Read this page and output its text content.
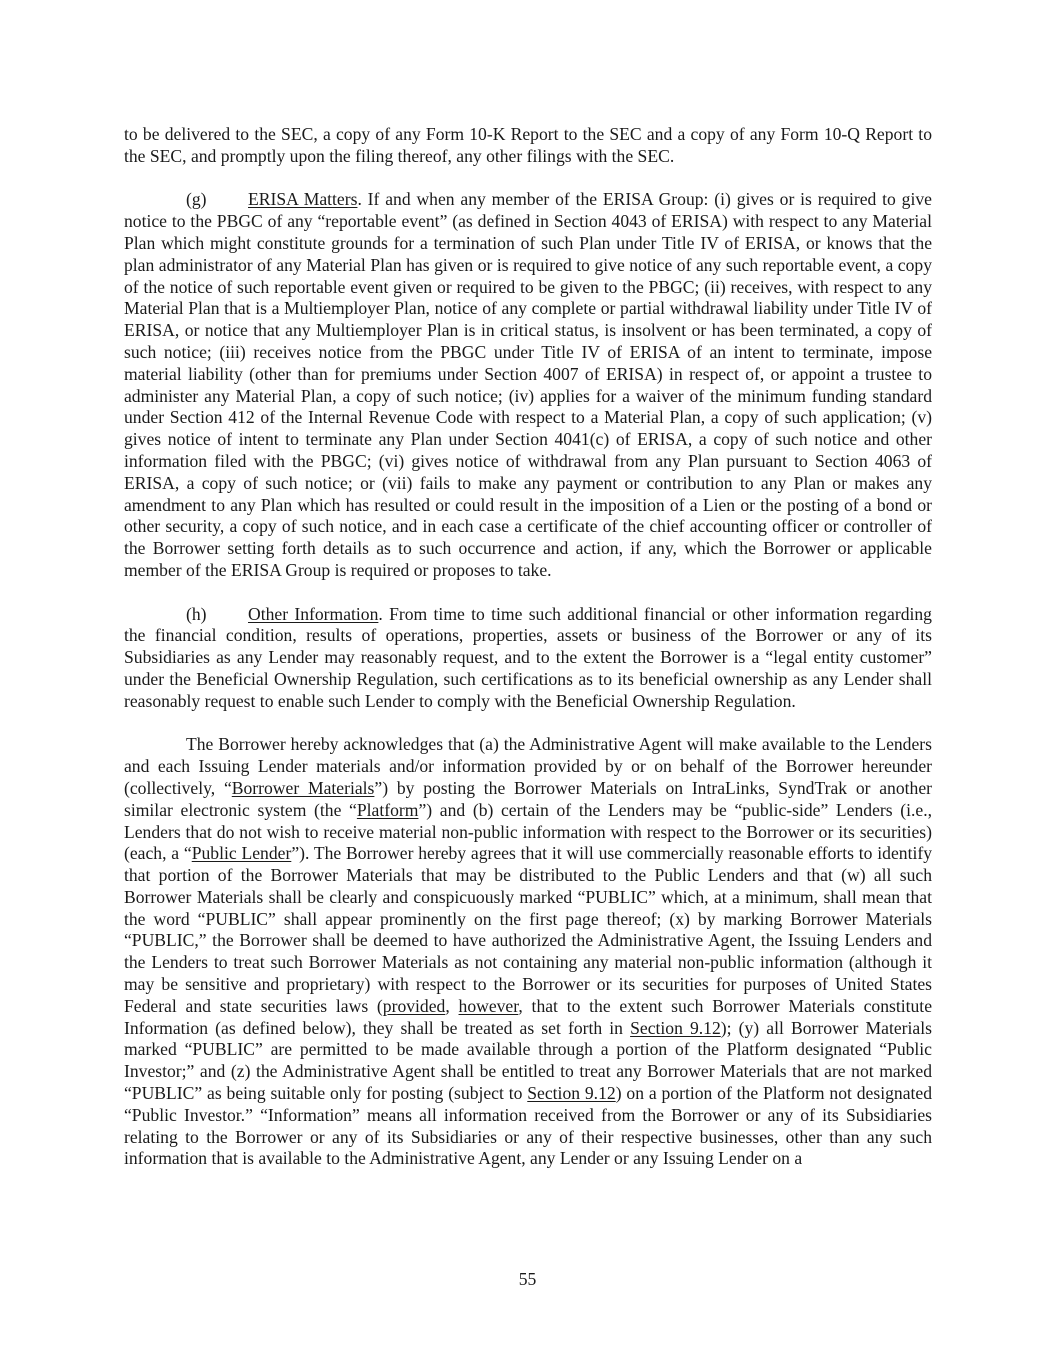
to be delivered to the SEC, a copy of any Form 10-K Report to the SEC and a copy of any Form 10-Q Report to the SEC, and promptly upon the filing thereof, any other filings with the SEC.

(g) ERISA Matters. If and when any member of the ERISA Group: (i) gives or is required to give notice to the PBGC of any “reportable event” (as defined in Section 4043 of ERISA) with respect to any Material Plan which might constitute grounds for a termination of such Plan under Title IV of ERISA, or knows that the plan administrator of any Material Plan has given or is required to give notice of any such reportable event, a copy of the notice of such reportable event given or required to be given to the PBGC; (ii) receives, with respect to any Material Plan that is a Multiemployer Plan, notice of any complete or partial withdrawal liability under Title IV of ERISA, or notice that any Multiemployer Plan is in critical status, is insolvent or has been terminated, a copy of such notice; (iii) receives notice from the PBGC under Title IV of ERISA of an intent to terminate, impose material liability (other than for premiums under Section 4007 of ERISA) in respect of, or appoint a trustee to administer any Material Plan, a copy of such notice; (iv) applies for a waiver of the minimum funding standard under Section 412 of the Internal Revenue Code with respect to a Material Plan, a copy of such application; (v) gives notice of intent to terminate any Plan under Section 4041(c) of ERISA, a copy of such notice and other information filed with the PBGC; (vi) gives notice of withdrawal from any Plan pursuant to Section 4063 of ERISA, a copy of such notice; or (vii) fails to make any payment or contribution to any Plan or makes any amendment to any Plan which has resulted or could result in the imposition of a Lien or the posting of a bond or other security, a copy of such notice, and in each case a certificate of the chief accounting officer or controller of the Borrower setting forth details as to such occurrence and action, if any, which the Borrower or applicable member of the ERISA Group is required or proposes to take.

(h) Other Information. From time to time such additional financial or other information regarding the financial condition, results of operations, properties, assets or business of the Borrower or any of its Subsidiaries as any Lender may reasonably request, and to the extent the Borrower is a “legal entity customer” under the Beneficial Ownership Regulation, such certifications as to its beneficial ownership as any Lender shall reasonably request to enable such Lender to comply with the Beneficial Ownership Regulation.

The Borrower hereby acknowledges that (a) the Administrative Agent will make available to the Lenders and each Issuing Lender materials and/or information provided by or on behalf of the Borrower hereunder (collectively, “Borrower Materials”) by posting the Borrower Materials on IntraLinks, SyndTrak or another similar electronic system (the “Platform”) and (b) certain of the Lenders may be “public-side” Lenders (i.e., Lenders that do not wish to receive material non-public information with respect to the Borrower or its securities) (each, a “Public Lender”). The Borrower hereby agrees that it will use commercially reasonable efforts to identify that portion of the Borrower Materials that may be distributed to the Public Lenders and that (w) all such Borrower Materials shall be clearly and conspicuously marked “PUBLIC” which, at a minimum, shall mean that the word “PUBLIC” shall appear prominently on the first page thereof; (x) by marking Borrower Materials “PUBLIC,” the Borrower shall be deemed to have authorized the Administrative Agent, the Issuing Lenders and the Lenders to treat such Borrower Materials as not containing any material non-public information (although it may be sensitive and proprietary) with respect to the Borrower or its securities for purposes of United States Federal and state securities laws (provided, however, that to the extent such Borrower Materials constitute Information (as defined below), they shall be treated as set forth in Section 9.12); (y) all Borrower Materials marked “PUBLIC” are permitted to be made available through a portion of the Platform designated “Public Investor;” and (z) the Administrative Agent shall be entitled to treat any Borrower Materials that are not marked “PUBLIC” as being suitable only for posting (subject to Section 9.12) on a portion of the Platform not designated “Public Investor.” “Information” means all information received from the Borrower or any of its Subsidiaries relating to the Borrower or any of its Subsidiaries or any of their respective businesses, other than any such information that is available to the Administrative Agent, any Lender or any Issuing Lender on a

55
